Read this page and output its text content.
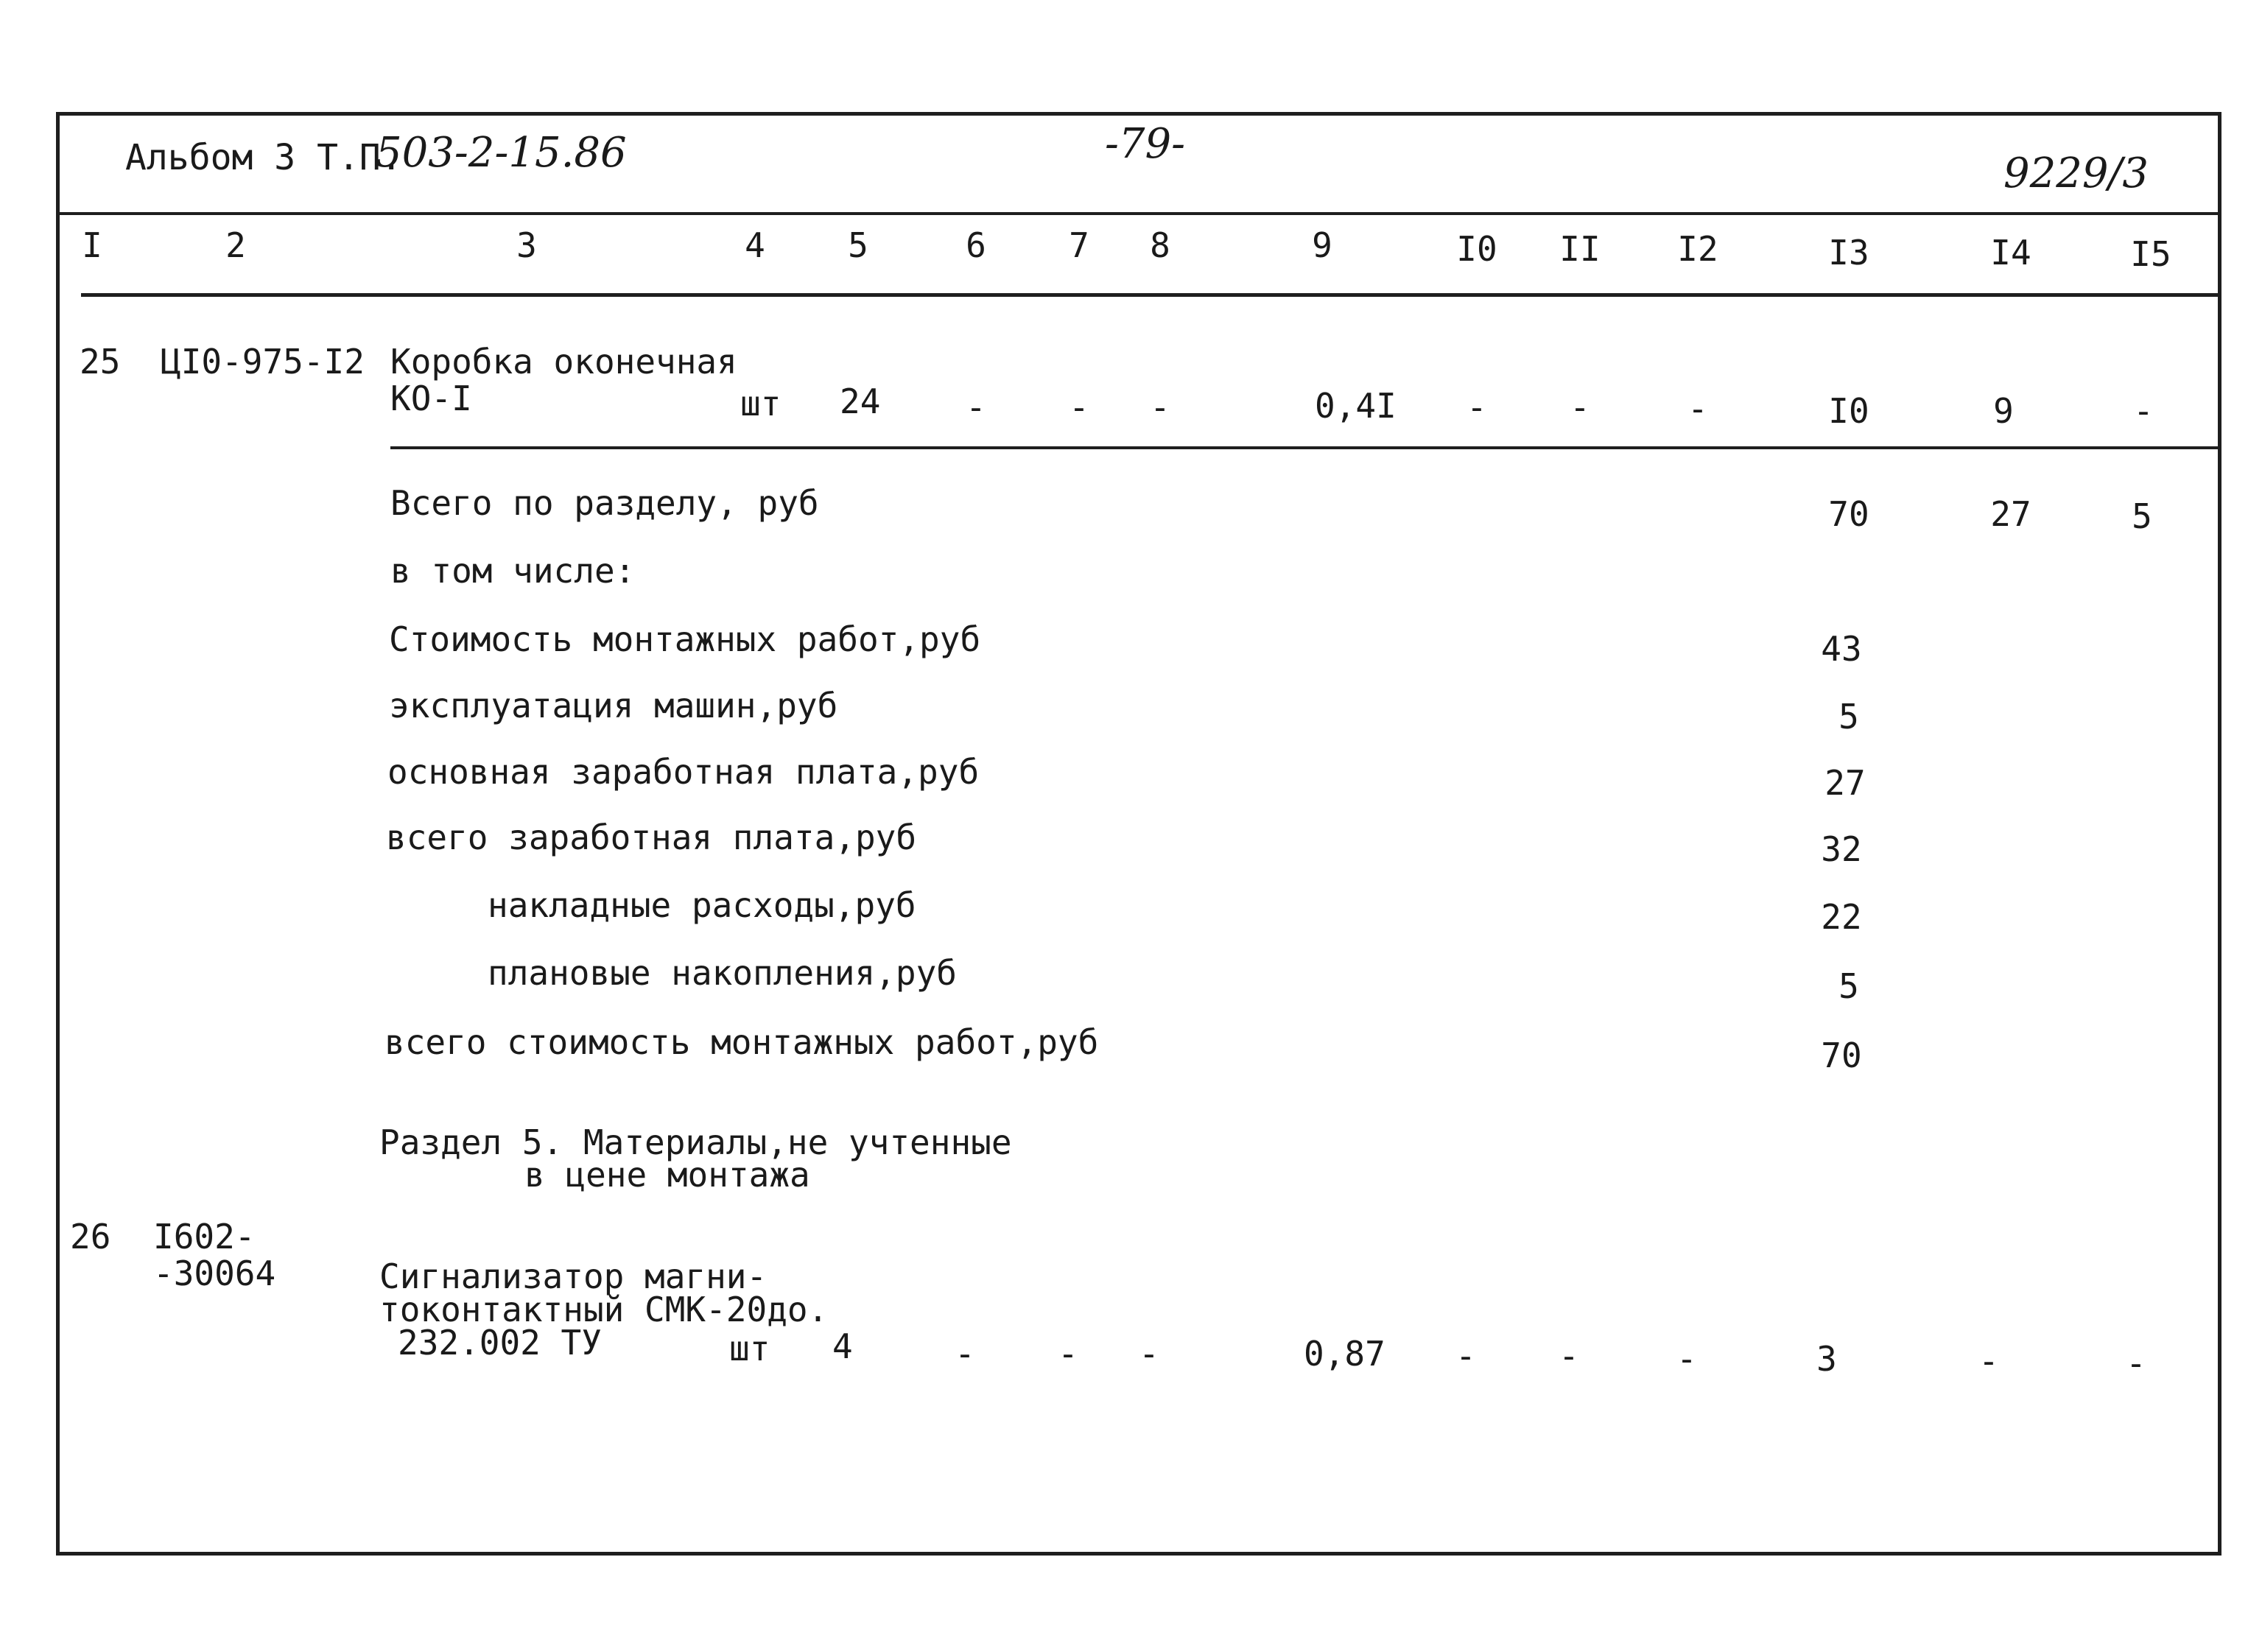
Альбом 3 Т.П.
503-2-15.86	-79-
9229/3
I	2	3	4 5	6 7 8	9	I0 II I2	I3	I4	I5
25 ЦI0-975-I2 Коробка оконечная
КО-I	шт 24	- - -	0,4I	-	-	-	I0	9	-
Всего по разделу, руб	70	27	5
в том числе:
Стоимость монтажных работ,руб	43
эксплуатация машин,руб	5
основная заработная плата,руб	27
всего заработная плата,руб	32
накладные расходы,руб	22
плановые накопления,руб	5
всего стоимость монтажных работ,руб	70
Раздел 5. Материалы,не учтенные
в цене монтажа
26 I602-
-30064	Сигнализатор магни-
токонтактный СМК-20до.
232.002 ТУ	шт 4	- - -	0,87	-	-	-	3	-	-
